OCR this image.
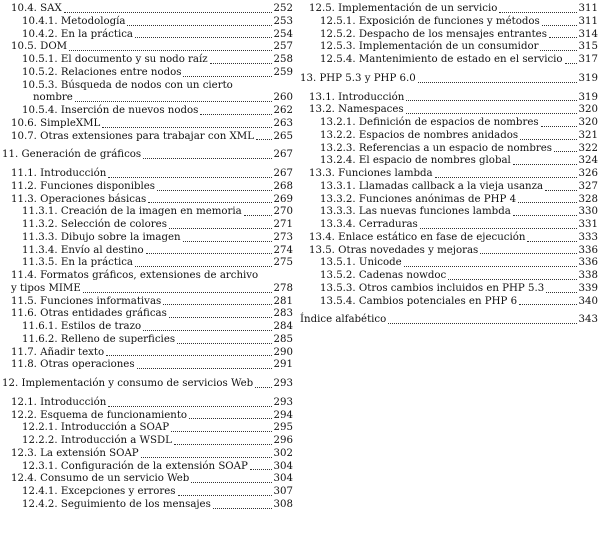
10.4. SAX	252
10.4.1. Metodología	253
10.4.2. En la práctica	254
10.5. DOM	257
10.5.1. El documento y su nodo raíz	258
10.5.2. Relaciones entre nodos	259
10.5.3. Búsqueda de nodos con un cierto
nombre	260
10.5.4. Inserción de nuevos nodos	262
10.6. SimpleXML	263
10.7. Otras extensiones para trabajar con XML 265
11. Generación de gráficos	267
11.1. Introducción	267
11.2. Funciones disponibles	268
11.3. Operaciones básicas	269
11.3.1. Creación de la imagen en memoria	270
11.3.2. Selección de colores	271
11.3.3. Dibujo sobre la imagen	273
11.3.4. Envío al destino	274
11.3.5. En la práctica	275
11.4. Formatos gráficos, extensiones de archivo
y tipos MIME	278
11.5. Funciones informativas	281
11.6. Otras entidades gráficas	283
11.6.1. Estilos de trazo	284
11.6.2. Relleno de superficies	285
11.7. Añadir texto	290
11.8. Otras operaciones	291
12. Implementación y consumo de servicios Web 293
12.1. Introducción	293
12.2. Esquema de funcionamiento	294
12.2.1. Introducción a SOAP	295
12.2.2. Introducción a WSDL	296
12.3. La extensión SOAP	302
12.3.1. Configuración de la extensión SOAP	304
12.4. Consumo de un servicio Web	304
12.4.1. Excepciones y errores	307
12.4.2. Seguimiento de los mensajes	308
12.5. Implementación de un servicio	311
12.5.1. Exposición de funciones y métodos	311
12.5.2. Despacho de los mensajes entrantes	314
12.5.3. Implementación de un consumidor	315
12.5.4. Mantenimiento de estado en el servicio 317
13. PHP 5.3 y PHP 6.0	319
13.1. Introducción	319
13.2. Namespaces	320
13.2.1. Definición de espacios de nombres	320
13.2.2. Espacios de nombres anidados	321
13.2.3. Referencias a un espacio de nombres	322
13.2.4. El espacio de nombres global	324
13.3. Funciones lambda	326
13.3.1. Llamadas callback a la vieja usanza	327
13.3.2. Funciones anónimas de PHP 4	328
13.3.3. Las nuevas funciones lambda	330
13.3.4. Cerraduras	331
13.4. Enlace estático en fase de ejecución	333
13.5. Otras novedades y mejoras	336
13.5.1. Unicode	336
13.5.2. Cadenas nowdoc	338
13.5.3. Otros cambios incluidos en PHP 5.3	339
13.5.4. Cambios potenciales en PHP 6	340
Índice alfabético	343
